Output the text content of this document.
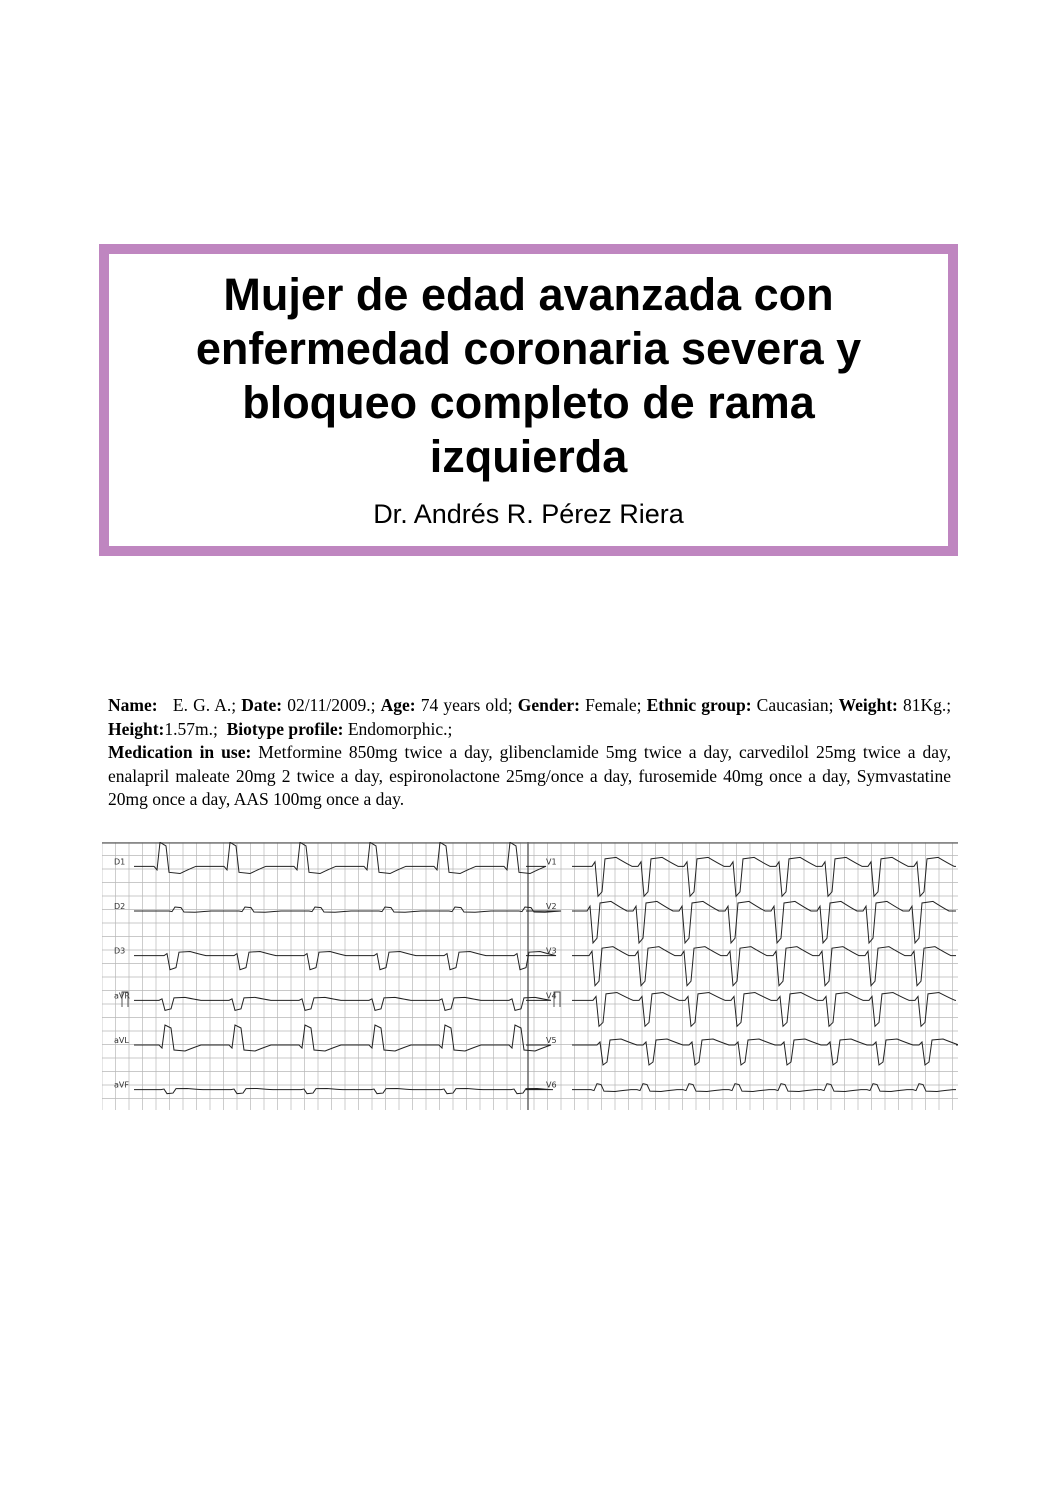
Mujer de edad avanzada con
enfermedad coronaria severa y
bloqueo completo de rama
izquierda
Dr. Andrés R. Pérez Riera
Name: E. G. A.; Date: 02/11/2009.; Age: 74 years old; Gender: Female; Ethnic group: Caucasian; Weight: 81Kg.; Height:1.57m.; Biotype profile: Endomorphic.;
Medication in use: Metformine 850mg twice a day, glibenclamide 5mg twice a day, carvedilol 25mg twice a day, enalapril maleate 20mg 2 twice a day, espironolactone 25mg/once a day, furosemide 40mg once a day, Symvastatine 20mg once a day, AAS 100mg once a day.
D1	V1
D2	V2
D3	V3
aVR	V4
aVL	V5
aVF	V6
